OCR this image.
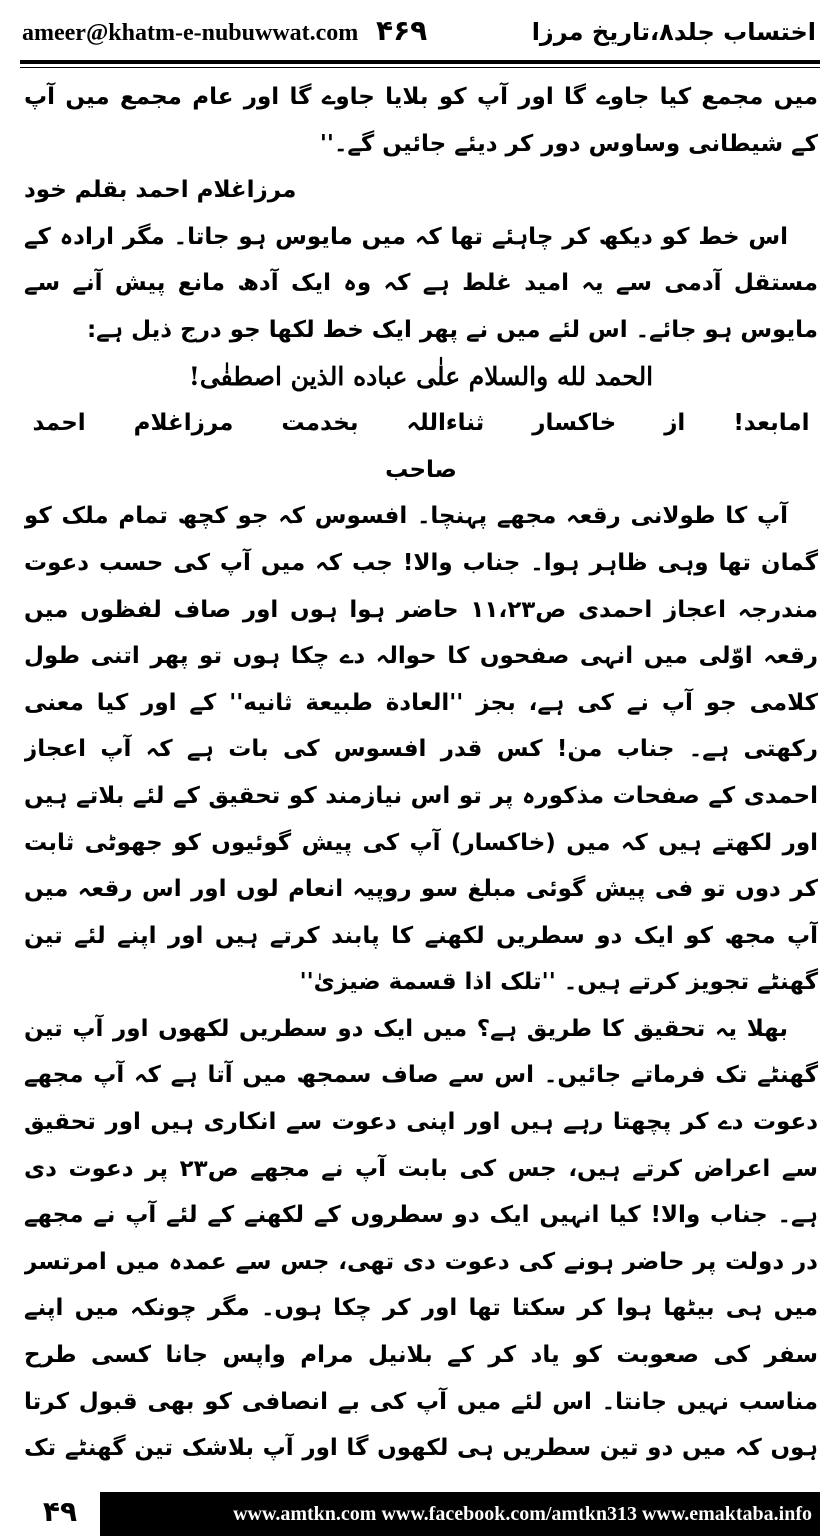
ameer@khatm-e-nubuwwat.com ۴۶۹	اختساب جلد۸،تاریخ مرزا

میں مجمع کیا جاوے گا اور آپ کو بلایا جاوے گا اور عام مجمع میں آپ کے شیطانی وساوس دور کر دیئے جائیں گے۔''

مرزاغلام احمد بقلم خود

اس خط کو دیکھ کر چاہئے تھا کہ میں مایوس ہو جاتا۔ مگر ارادہ کے مستقل آدمی سے یہ امید غلط ہے کہ وہ ایک آدھ مانع پیش آنے سے مایوس ہو جائے۔ اس لئے میں نے پھر ایک خط لکھا جو درج ذیل ہے:

الحمد لله والسلام علٰی عباده الذين اصطفٰی!

امابعد! از خاکسار ثناءاللہ بخدمت مرزاغلام احمد صاحب

آپ کا طولانی رقعہ مجھے پہنچا۔ افسوس کہ جو کچھ تمام ملک کو گمان تھا وہی ظاہر ہوا۔ جناب والا! جب کہ میں آپ کی حسب دعوت مندرجہ اعجاز احمدی ص۱۱،۲۳ حاضر ہوا ہوں اور صاف لفظوں میں رقعہ اوّلی میں انہی صفحوں کا حوالہ دے چکا ہوں تو پھر اتنی طول کلامی جو آپ نے کی ہے، بجز ''العادة طبيعة ثانيه'' کے اور کیا معنی رکھتی ہے۔ جناب من! کس قدر افسوس کی بات ہے کہ آپ اعجاز احمدی کے صفحات مذکورہ پر تو اس نیازمند کو تحقیق کے لئے بلاتے ہیں اور لکھتے ہیں کہ میں (خاکسار) آپ کی پیش گوئیوں کو جھوٹی ثابت کر دوں تو فی پیش گوئی مبلغ سو روپیہ انعام لوں اور اس رقعہ میں آپ مجھ کو ایک دو سطریں لکھنے کا پابند کرتے ہیں اور اپنے لئے تین گھنٹے تجویز کرتے ہیں۔ ''تلک اذا قسمة ضيزیٰ''

بھلا یہ تحقیق کا طریق ہے؟ میں ایک دو سطریں لکھوں اور آپ تین گھنٹے تک فرماتے جائیں۔ اس سے صاف سمجھ میں آتا ہے کہ آپ مجھے دعوت دے کر پچھتا رہے ہیں اور اپنی دعوت سے انکاری ہیں اور تحقیق سے اعراض کرتے ہیں، جس کی بابت آپ نے مجھے ص۲۳ پر دعوت دی ہے۔ جناب والا! کیا انہیں ایک دو سطروں کے لکھنے کے لئے آپ نے مجھے در دولت پر حاضر ہونے کی دعوت دی تھی، جس سے عمدہ میں امرتسر میں ہی بیٹھا ہوا کر سکتا تھا اور کر چکا ہوں۔ مگر چونکہ میں اپنے سفر کی صعوبت کو یاد کر کے بلانیل مرام واپس جانا کسی طرح مناسب نہیں جانتا۔ اس لئے میں آپ کی بے انصافی کو بھی قبول کرتا ہوں کہ میں دو تین سطریں ہی لکھوں گا اور آپ بلاشک تین گھنٹے تک

۴۹	www.amtkn.com www.facebook.com/amtkn313 www.emaktaba.info
